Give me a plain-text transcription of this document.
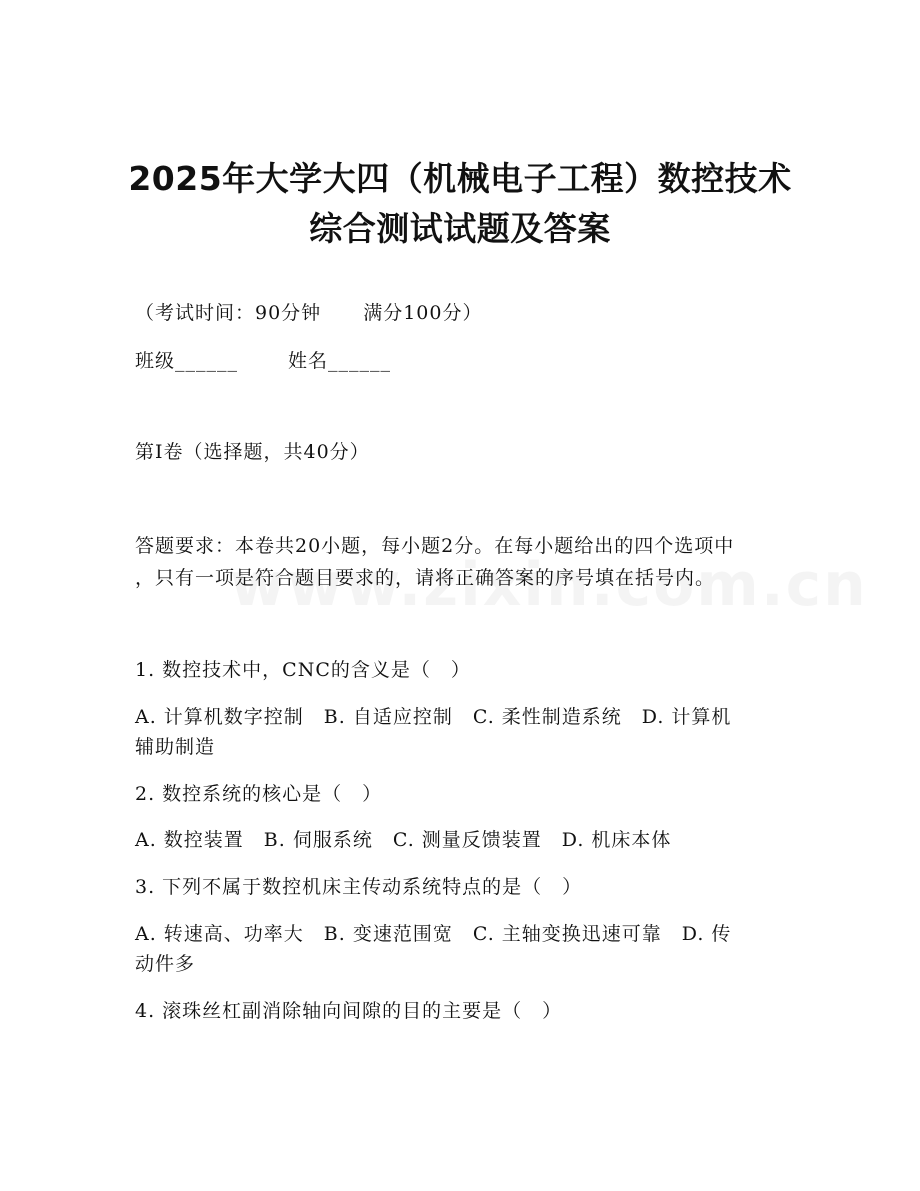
2025年大学大四（机械电子工程）数控技术
综合测试试题及答案
（考试时间：90分钟 满分100分）
班级______	姓名______
第I卷（选择题，共40分）
答题要求：本卷共20小题，每小题2分。在每小题给出的四个选项中
，只有一项是符合题目要求的，请将正确答案的序号填在括号内。
1. 数控技术中，CNC的含义是（　）
A. 计算机数字控制　B. 自适应控制　C. 柔性制造系统　D. 计算机
辅助制造
2. 数控系统的核心是（　）
A. 数控装置　B. 伺服系统　C. 测量反馈装置　D. 机床本体
3. 下列不属于数控机床主传动系统特点的是（　）
A. 转速高、功率大　B. 变速范围宽　C. 主轴变换迅速可靠　D. 传
动件多
4. 滚珠丝杠副消除轴向间隙的目的主要是（　）
